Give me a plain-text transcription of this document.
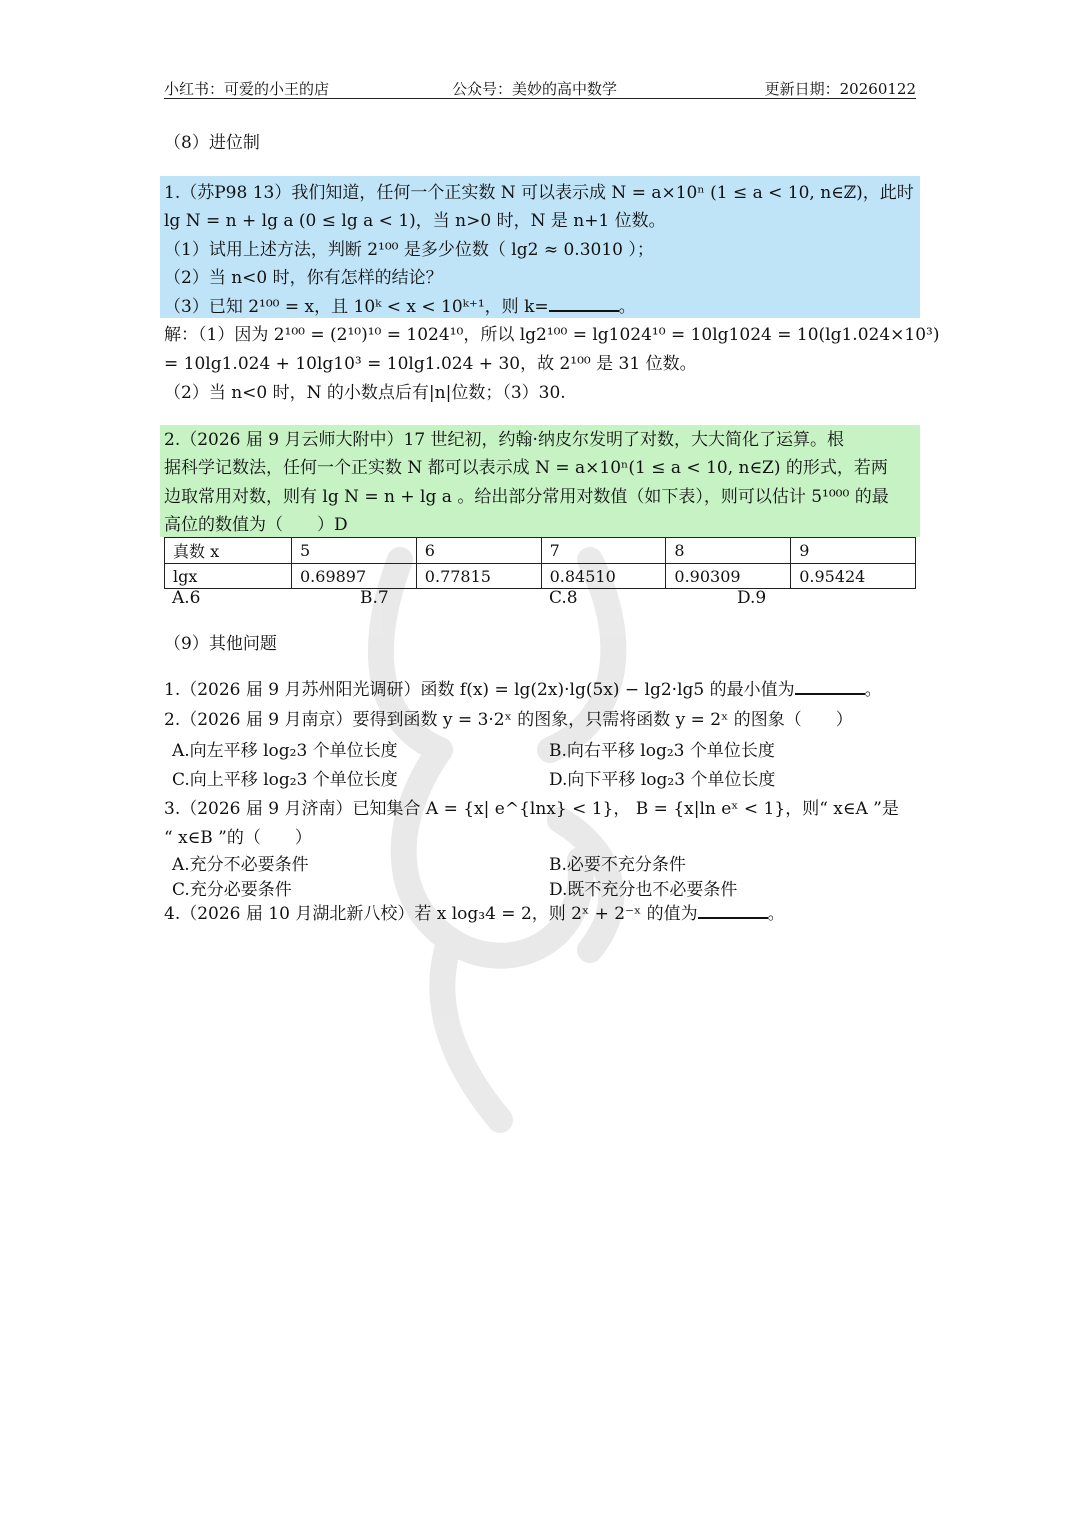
小红书：可爱的小王的店	公众号：美妙的高中数学	更新日期：20260122
（8）进位制
1.（苏P98 13）我们知道，任何一个正实数 N 可以表示成 N = a×10ⁿ (1 ≤ a < 10, n∈ℤ)，此时
lg N = n + lg a (0 ≤ lg a < 1)，当 n>0 时，N 是 n+1 位数。
（1）试用上述方法，判断 2¹⁰⁰ 是多少位数（ lg2 ≈ 0.3010 ）；
（2）当 n<0 时，你有怎样的结论？
（3）已知 2¹⁰⁰ = x，且 10ᵏ < x < 10ᵏ⁺¹，则 k=	。
解：（1）因为 2¹⁰⁰ = (2¹⁰)¹⁰ = 1024¹⁰，所以 lg2¹⁰⁰ = lg1024¹⁰ = 10lg1024 = 10(lg1.024×10³)
= 10lg1.024 + 10lg10³ = 10lg1.024 + 30，故 2¹⁰⁰ 是 31 位数。
（2）当 n<0 时，N 的小数点后有|n|位数；（3）30.
2.（2026 届 9 月云师大附中）17 世纪初，约翰·纳皮尔发明了对数，大大简化了运算。根
据科学记数法，任何一个正实数 N 都可以表示成 N = a×10ⁿ(1 ≤ a < 10, n∈Z) 的形式，若两
边取常用对数，则有 lg N = n + lg a 。给出部分常用对数值（如下表），则可以估计 5¹⁰⁰⁰ 的最
高位的数值为（　　）D
真数 x	5	6	7	8	9
lgx	0.69897	0.77815	0.84510	0.90309	0.95424
A.6	B.7	C.8	D.9
（9）其他问题
1.（2026 届 9 月苏州阳光调研）函数 f(x) = lg(2x)·lg(5x) − lg2·lg5 的最小值为	。
2.（2026 届 9 月南京）要得到函数 y = 3·2ˣ 的图象，只需将函数 y = 2ˣ 的图象（　　）
A.向左平移 log₂3 个单位长度	B.向右平移 log₂3 个单位长度
C.向上平移 log₂3 个单位长度	D.向下平移 log₂3 个单位长度
3.（2026 届 9 月济南）已知集合 A = {x| e^{lnx} < 1}， B = {x|ln eˣ < 1}，则“ x∈A ”是
“ x∈B ”的（　　）
A.充分不必要条件	B.必要不充分条件
C.充分必要条件	D.既不充分也不必要条件
4.（2026 届 10 月湖北新八校）若 x log₃4 = 2，则 2ˣ + 2⁻ˣ 的值为	。
